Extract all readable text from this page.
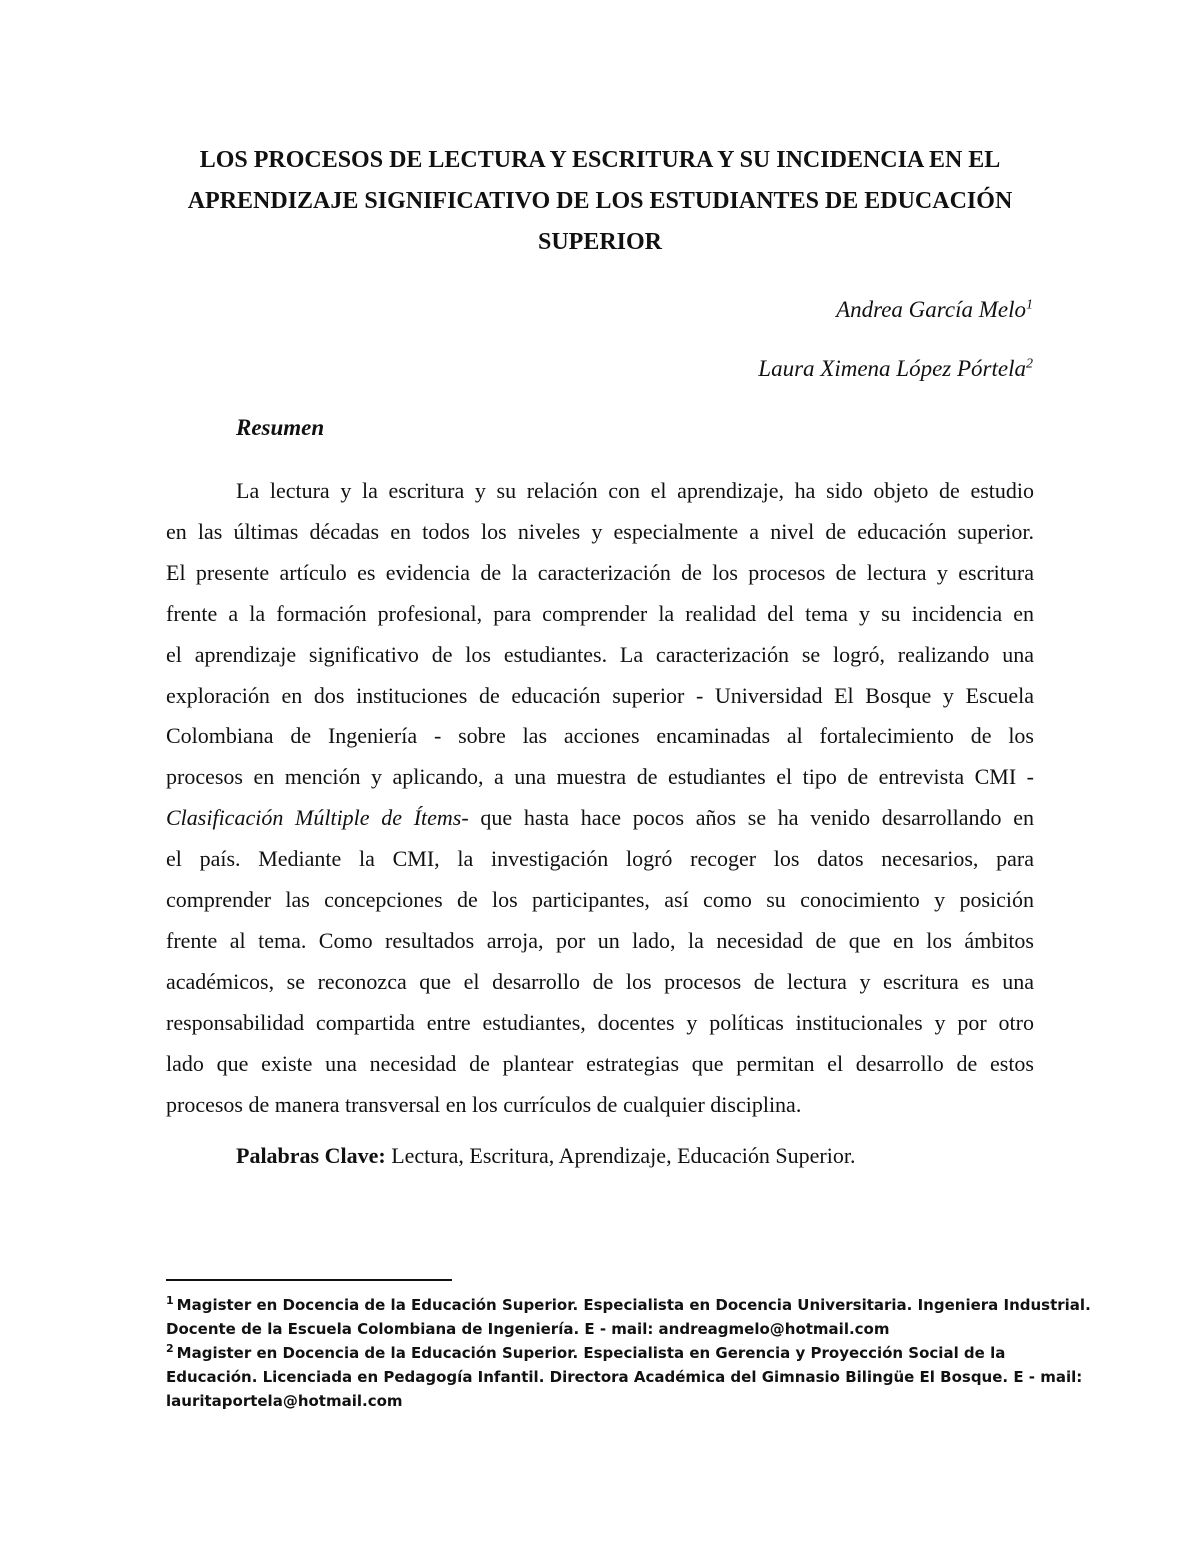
LOS PROCESOS DE LECTURA Y ESCRITURA Y SU INCIDENCIA EN EL
APRENDIZAJE SIGNIFICATIVO DE LOS ESTUDIANTES DE EDUCACIÓN
SUPERIOR
Andrea García Melo$^1$
Laura Ximena López Pórtela$^2$
Resumen
La lectura y la escritura y su relación con el aprendizaje, ha sido objeto de estudio
en las últimas décadas en todos los niveles y especialmente a nivel de educación superior.
El presente artículo es evidencia de la caracterización de los procesos de lectura y escritura
frente a la formación profesional, para comprender la realidad del tema y su incidencia en
el aprendizaje significativo de los estudiantes. La caracterización se logró, realizando una
exploración en dos instituciones de educación superior - Universidad El Bosque y Escuela
Colombiana de Ingeniería - sobre las acciones encaminadas al fortalecimiento de los
procesos en mención y aplicando, a una muestra de estudiantes el tipo de entrevista CMI -
Clasificación Múltiple de Ítems- que hasta hace pocos años se ha venido desarrollando en
el país. Mediante la CMI, la investigación logró recoger los datos necesarios, para
comprender las concepciones de los participantes, así como su conocimiento y posición
frente al tema. Como resultados arroja, por un lado, la necesidad de que en los ámbitos
académicos, se reconozca que el desarrollo de los procesos de lectura y escritura es una
responsabilidad compartida entre estudiantes, docentes y políticas institucionales y por otro
lado que existe una necesidad de plantear estrategias que permitan el desarrollo de estos
procesos de manera transversal en los currículos de cualquier disciplina.
Palabras Clave: Lectura, Escritura, Aprendizaje, Educación Superior.
$^1$ Magister en Docencia de la Educación Superior. Especialista en Docencia Universitaria. Ingeniera Industrial.
Docente de la Escuela Colombiana de Ingeniería. E - mail: andreagmelo@hotmail.com
$^2$ Magister en Docencia de la Educación Superior. Especialista en Gerencia y Proyección Social de la
Educación. Licenciada en Pedagogía Infantil. Directora Académica del Gimnasio Bilingüe El Bosque. E - mail:
lauritaportela@hotmail.com
